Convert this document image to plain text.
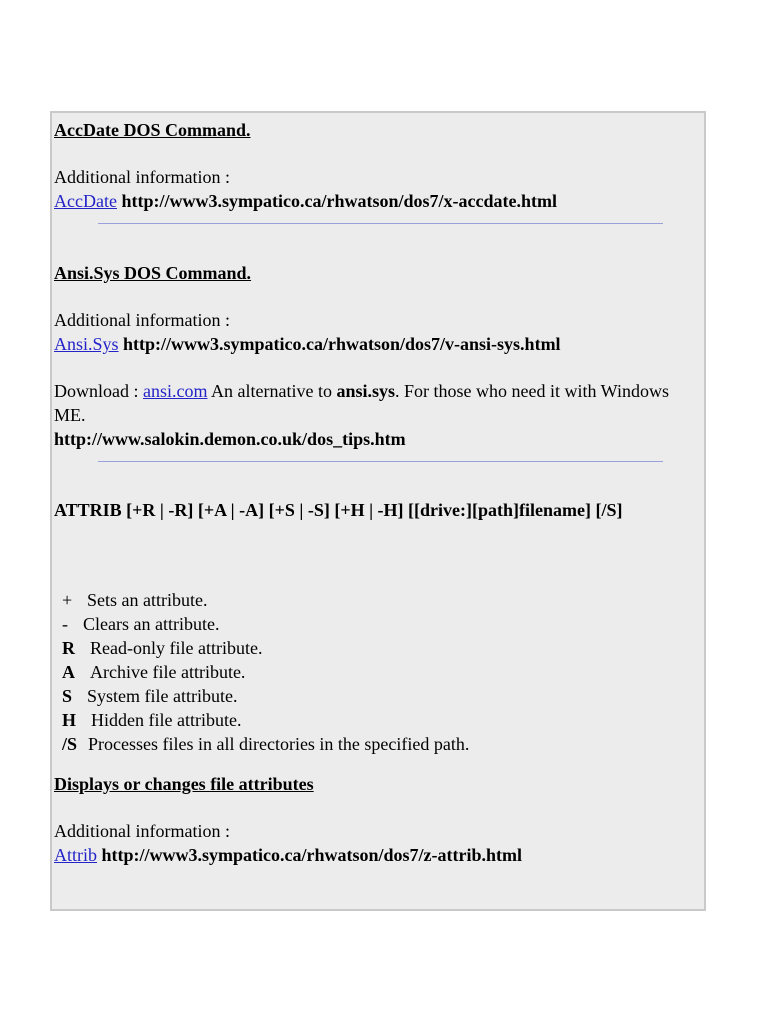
AccDate DOS Command.
Additional information :
AccDate http://www3.sympatico.ca/rhwatson/dos7/x-accdate.html
Ansi.Sys DOS Command.
Additional information :
Ansi.Sys http://www3.sympatico.ca/rhwatson/dos7/v-ansi-sys.html
Download : ansi.com An alternative to ansi.sys. For those who need it with Windows ME.
http://www.salokin.demon.co.uk/dos_tips.htm
ATTRIB [+R | -R] [+A | -A] [+S | -S] [+H | -H] [[drive:][path]filename] [/S]
+ Sets an attribute.
- Clears an attribute.
R Read-only file attribute.
A Archive file attribute.
S System file attribute.
H Hidden file attribute.
/S Processes files in all directories in the specified path.
Displays or changes file attributes
Additional information :
Attrib http://www3.sympatico.ca/rhwatson/dos7/z-attrib.html
